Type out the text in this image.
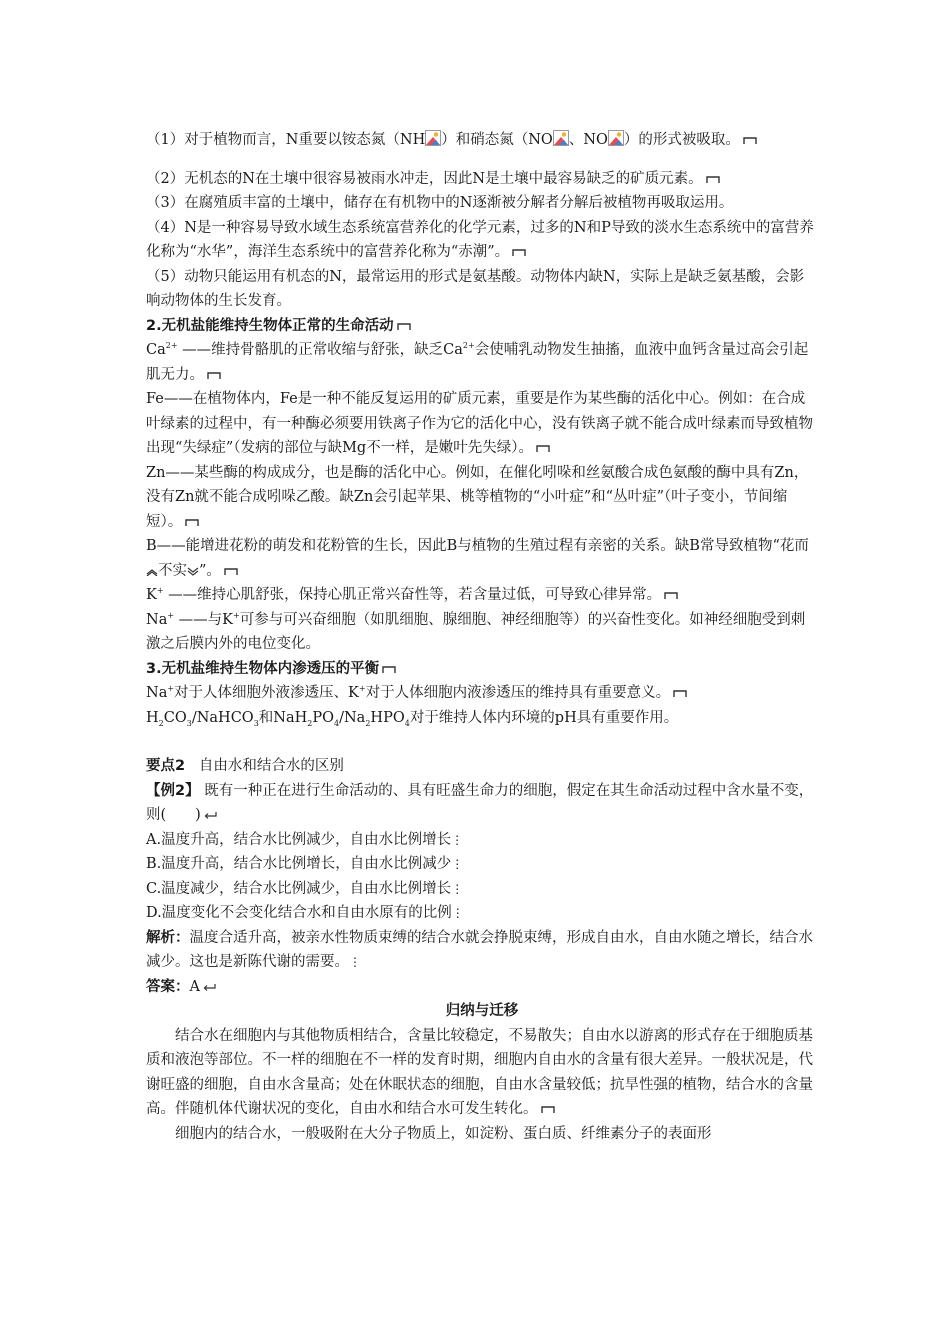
（1）对于植物而言，N重要以铵态氮（NH ）和硝态氮（NO 、NO ）的形式被吸取。

（2）无机态的N在土壤中很容易被雨水冲走，因此N是土壤中最容易缺乏的矿质元素。

（3）在腐殖质丰富的土壤中，储存在有机物中的N逐渐被分解者分解后被植物再吸取运用。

（4）N是一种容易导致水域生态系统富营养化的化学元素，过多的N和P导致的淡水生态系统中的富营养化称为“水华”，海洋生态系统中的富营养化称为“赤潮”。

（5）动物只能运用有机态的N，最常运用的形式是氨基酸。动物体内缺N，实际上是缺乏氨基酸，会影响动物体的生长发育。

2.无机盐能维持生物体正常的生命活动

$Ca^{2+}$ ——维持骨骼肌的正常收缩与舒张，缺乏$Ca^{2+}$会使哺乳动物发生抽搐，血液中血钙含量过高会引起肌无力。

Fe——在植物体内，Fe是一种不能反复运用的矿质元素，重要是作为某些酶的活化中心。例如：在合成叶绿素的过程中，有一种酶必须要用铁离子作为它的活化中心，没有铁离子就不能合成叶绿素而导致植物出现“失绿症”（发病的部位与缺Mg不一样，是嫩叶先失绿）。

Zn——某些酶的构成成分，也是酶的活化中心。例如，在催化吲哚和丝氨酸合成色氨酸的酶中具有Zn，没有Zn就不能合成吲哚乙酸。缺Zn会引起苹果、桃等植物的“小叶症”和“丛叶症”（叶子变小，节间缩短）。

B——能增进花粉的萌发和花粉管的生长，因此B与植物的生殖过程有亲密的关系。缺B常导致植物“花而
不实 ”。

K+ ——维持心肌舒张，保持心肌正常兴奋性等，若含量过低，可导致心律异常。

Na+ ——与K+可参与可兴奋细胞（如肌细胞、腺细胞、神经细胞等）的兴奋性变化。如神经细胞受到刺激之后膜内外的电位变化。

3.无机盐维持生物体内渗透压的平衡

Na+对于人体细胞外液渗透压、K+对于人体细胞内液渗透压的维持具有重要意义。

$H_2CO_3/NaHCO_3$和$NaH_2PO_4/Na_2HPO_4$对于维持人体内环境的pH具有重要作用。

要点2 自由水和结合水的区别

【例2】 既有一种正在进行生命活动的、具有旺盛生命力的细胞，假定在其生命活动过程中含水量不变，则(　　)

A.温度升高，结合水比例减少，自由水比例增长⋮

B.温度升高，结合水比例增长，自由水比例减少⋮

C.温度减少，结合水比例减少，自由水比例增长⋮

D.温度变化不会变化结合水和自由水原有的比例⋮

解析：温度合适升高，被亲水性物质束缚的结合水就会挣脱束缚，形成自由水，自由水随之增长，结合水减少。这也是新陈代谢的需要。⋮

答案：A

归纳与迁移

结合水在细胞内与其他物质相结合，含量比较稳定，不易散失；自由水以游离的形式存在于细胞质基质和液泡等部位。不一样的细胞在不一样的发育时期，细胞内自由水的含量有很大差异。一般状况是，代谢旺盛的细胞，自由水含量高；处在休眠状态的细胞，自由水含量较低；抗旱性强的植物，结合水的含量高。伴随机体代谢状况的变化，自由水和结合水可发生转化。

细胞内的结合水，一般吸附在大分子物质上，如淀粉、蛋白质、纤维素分子的表面形
